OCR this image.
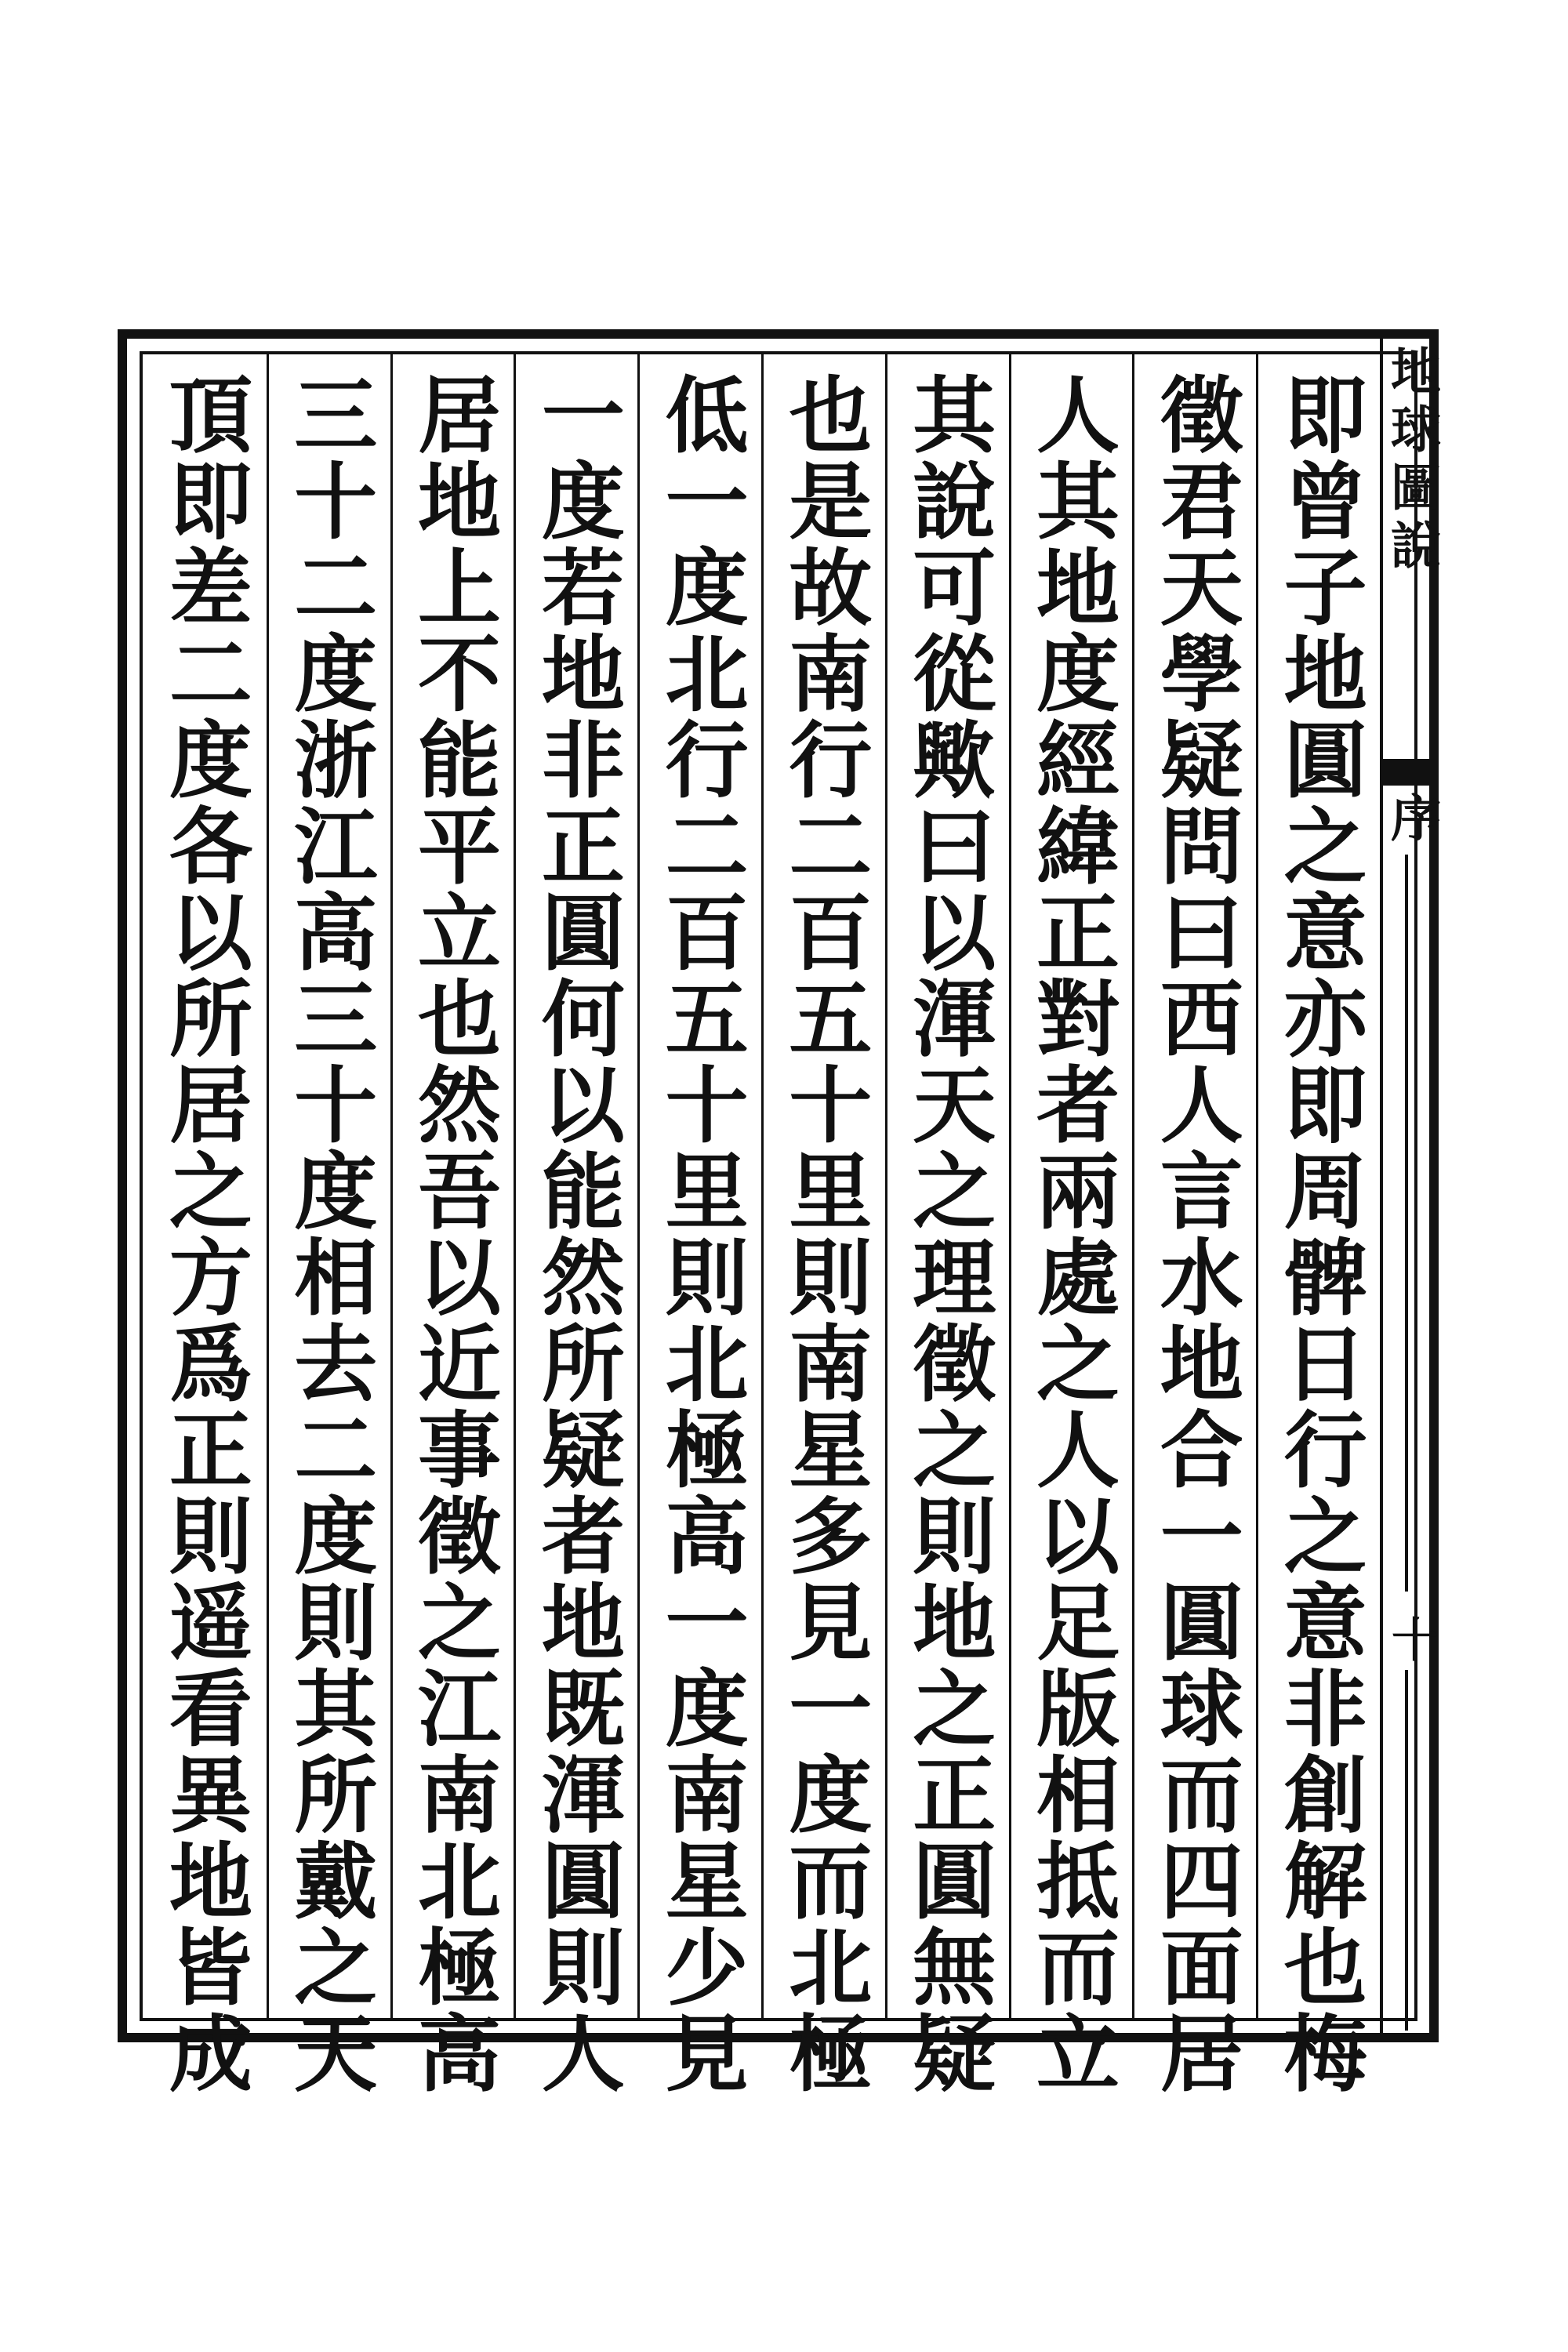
即曾子地圓之意亦即周髀日行之意非創解也梅
徵君天學疑問曰西人言水地合一圓球而四面居
人其地度經緯正對者兩處之人以足版相抵而立
其說可從歟曰以渾天之理徵之則地之正圓無疑
也是故南行二百五十里則南星多見一度而北極
低一度北行二百五十里則北極高一度南星少見
一度若地非正圓何以能然所疑者地既渾圓則人
居地上不能平立也然吾以近事徵之江南北極高
三十二度浙江高三十度相去二度則其所戴之天
頂即差二度各以所居之方爲正則遥看異地皆成	地球圖說
序
十
